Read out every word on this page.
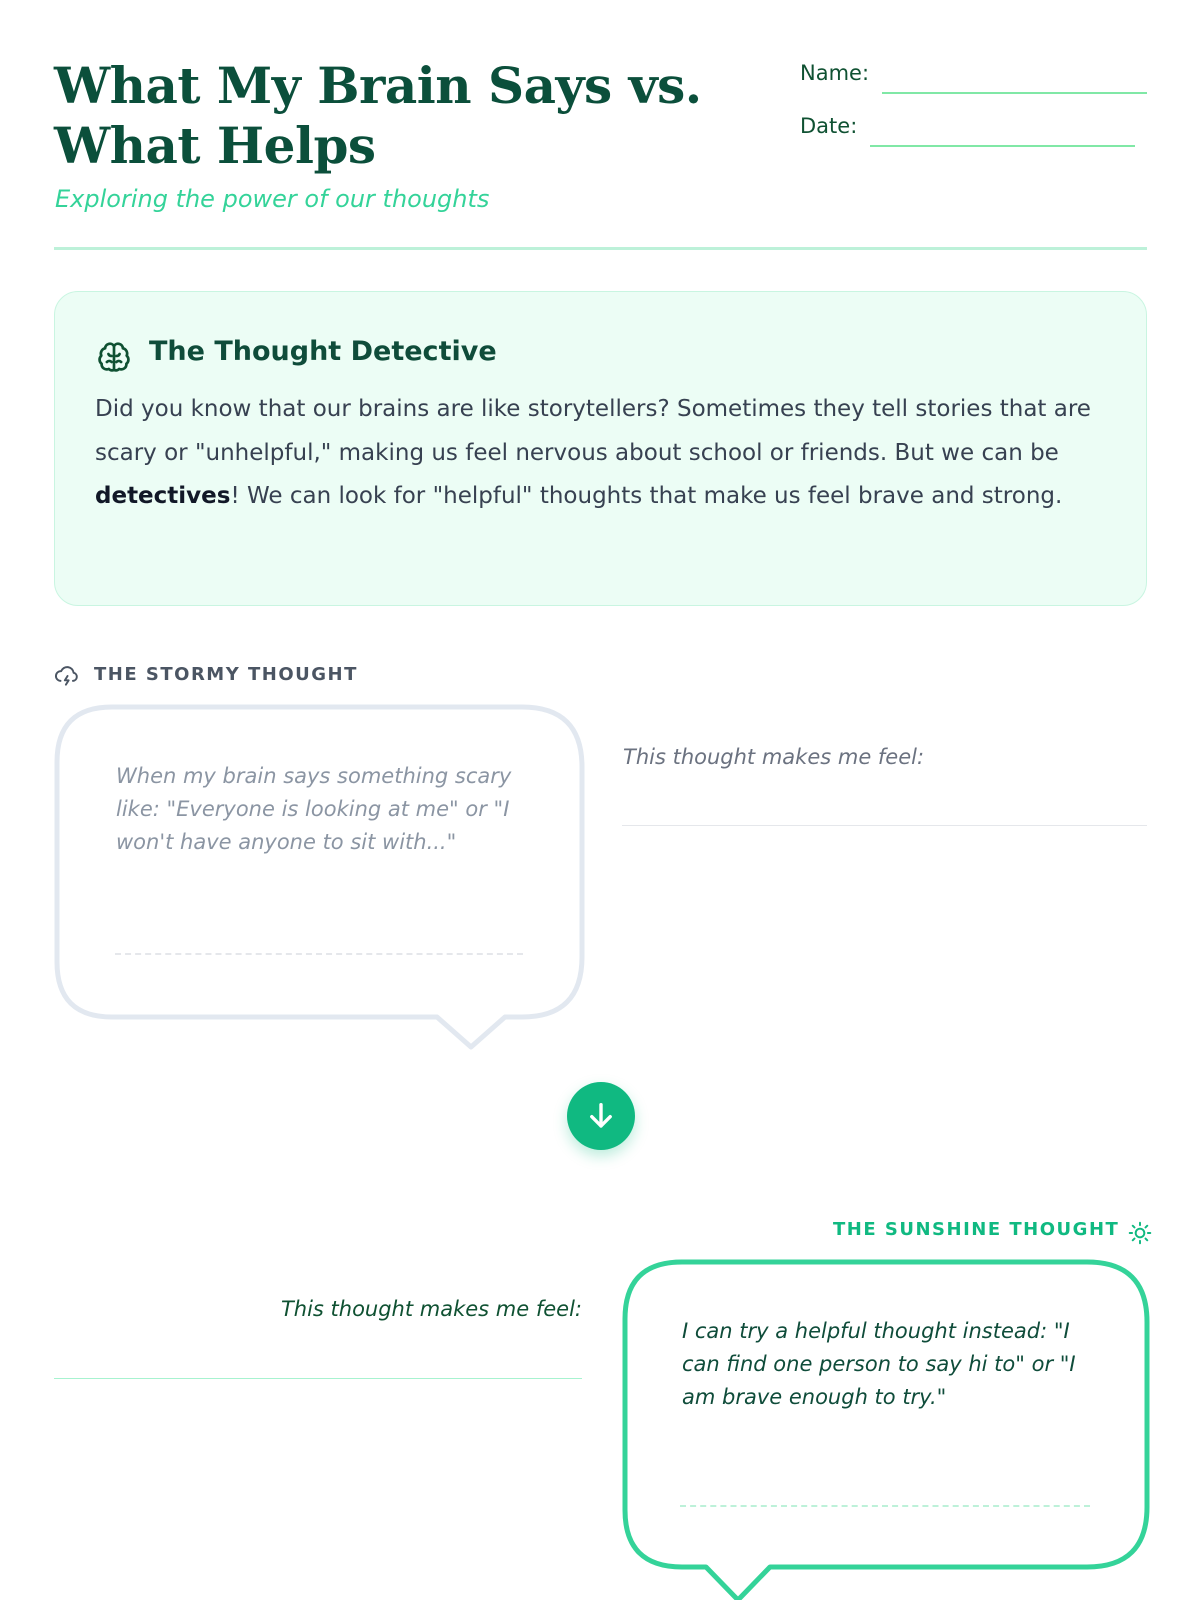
What My Brain Says vs. What Helps

Exploring the power of our thoughts

Name:
Date:
The Thought Detective

Did you know that our brains are like storytellers? Sometimes they tell stories that are scary or "unhelpful," making us feel nervous about school or friends. But we can be detectives! We can look for "helpful" thoughts that make us feel brave and strong.

THE STORMY THOUGHT

When my brain says something scary like: "Everyone is looking at me" or "I won't have anyone to sit with..."

This thought makes me feel:

THE SUNSHINE THOUGHT

I can try a helpful thought instead: "I can find one person to say hi to" or "I am brave enough to try."

This thought makes me feel:
